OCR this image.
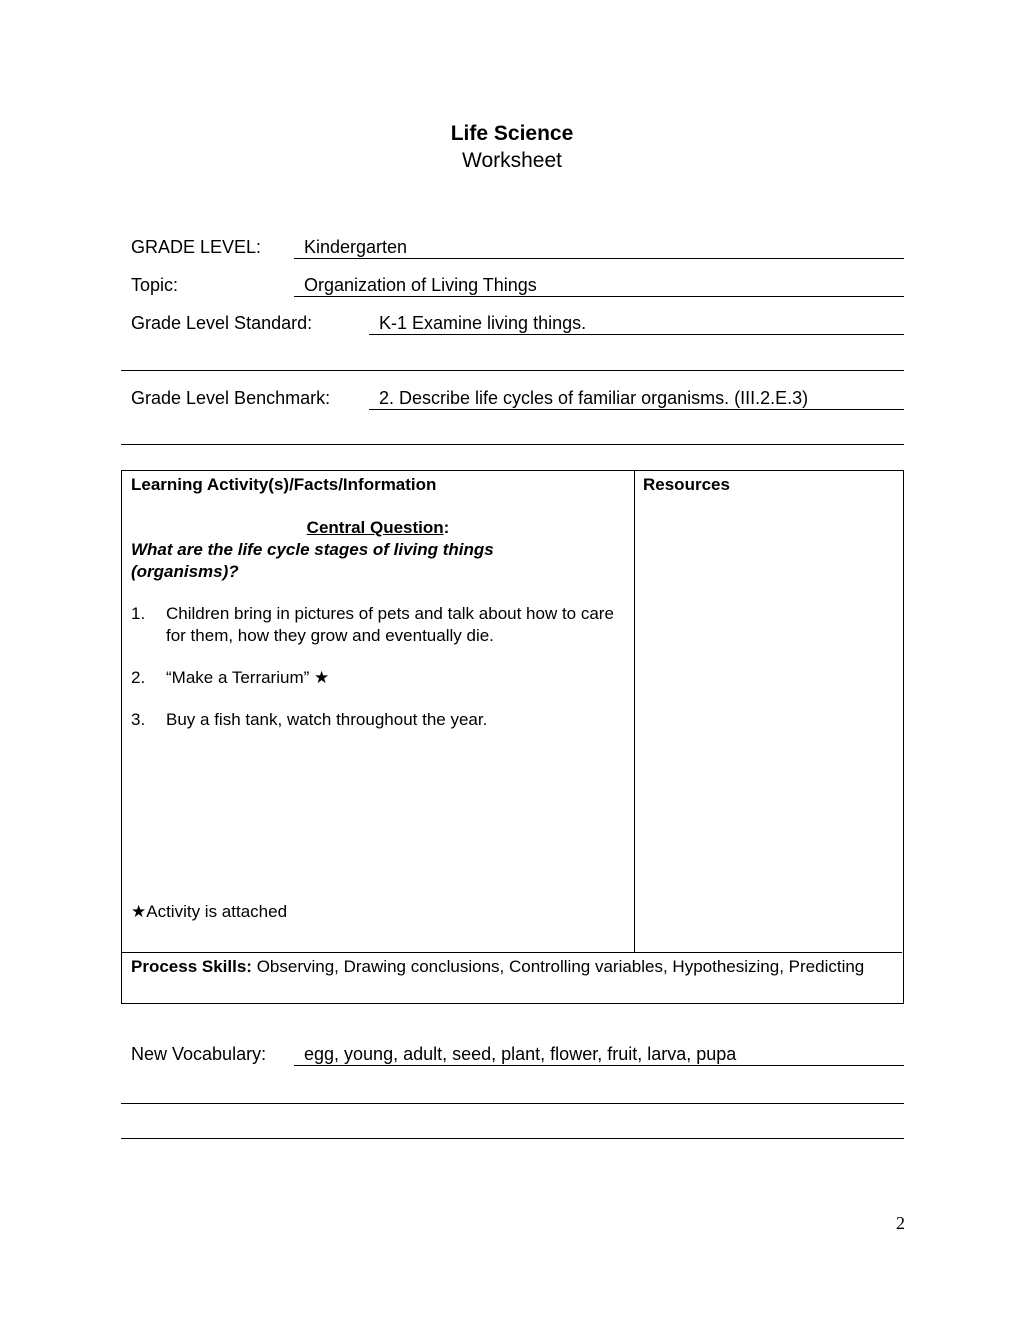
Life Science
Worksheet
GRADE LEVEL:	Kindergarten
Topic:	Organization of Living Things
Grade Level Standard:	K-1 Examine living things.
Grade Level Benchmark:	2. Describe life cycles of familiar organisms. (III.2.E.3)
Learning Activity(s)/Facts/Information	Resources
Central Question:
What are the life cycle stages of living things (organisms)?
1.	Children bring in pictures of pets and talk about how to care for them, how they grow and eventually die.
2.	“Make a Terrarium” ★
3.	Buy a fish tank, watch throughout the year.
★Activity is attached
Process Skills: Observing, Drawing conclusions, Controlling variables, Hypothesizing, Predicting
New Vocabulary:	egg, young, adult, seed, plant, flower, fruit, larva, pupa
2
